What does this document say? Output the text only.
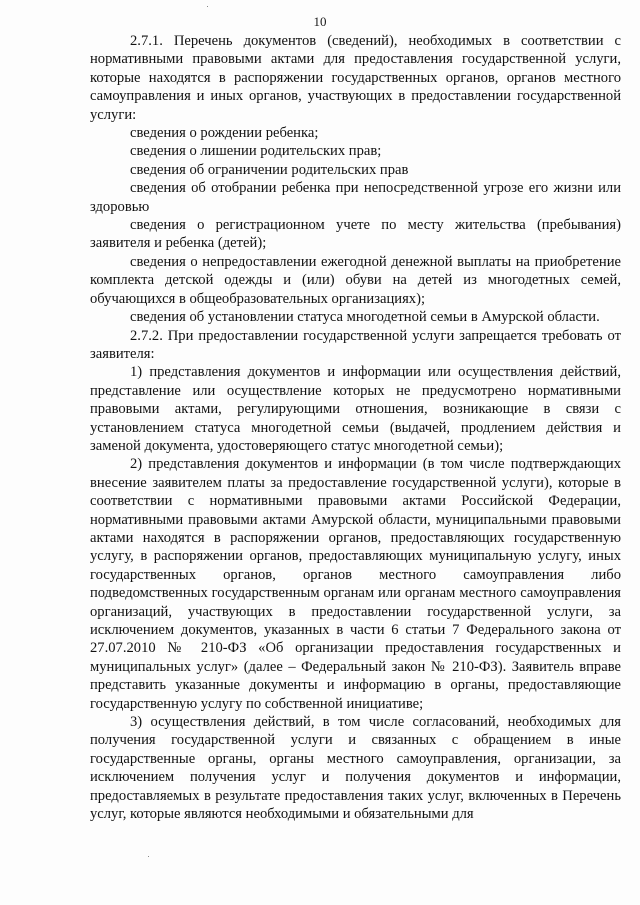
10

2.7.1. Перечень документов (сведений), необходимых в соответствии с нормативными правовыми актами для предоставления государственной услуги, которые находятся в распоряжении государственных органов, органов местного самоуправления и иных органов, участвующих в предоставлении государственной услуги:

сведения о рождении ребенка;

сведения о лишении родительских прав;

сведения об ограничении родительских прав

сведения об отобрании ребенка при непосредственной угрозе его жизни или здоровью

сведения о регистрационном учете по месту жительства (пребывания) заявителя и ребенка (детей);

сведения о непредоставлении ежегодной денежной выплаты на приобретение комплекта детской одежды и (или) обуви на детей из многодетных семей, обучающихся в общеобразовательных организациях);

сведения об установлении статуса многодетной семьи в Амурской области.

2.7.2. При предоставлении государственной услуги запрещается требовать от заявителя:

1) представления документов и информации или осуществления действий, представление или осуществление которых не предусмотрено нормативными правовыми актами, регулирующими отношения, возникающие в связи с установлением статуса многодетной семьи (выдачей, продлением действия и заменой документа, удостоверяющего статус многодетной семьи);

2) представления документов и информации (в том числе подтверждающих внесение заявителем платы за предоставление государственной услуги), которые в соответствии с нормативными правовыми актами Российской Федерации, нормативными правовыми актами Амурской области, муниципальными правовыми актами находятся в распоряжении органов, предоставляющих государственную услугу, в распоряжении органов, предоставляющих муниципальную услугу, иных государственных органов, органов местного самоуправления либо подведомственных государственным органам или органам местного самоуправления организаций, участвующих в предоставлении государственной услуги, за исключением документов, указанных в части 6 статьи 7 Федерального закона от 27.07.2010 № 210-ФЗ «Об организации предоставления государственных и муниципальных услуг» (далее – Федеральный закон № 210-ФЗ). Заявитель вправе представить указанные документы и информацию в органы, предоставляющие государственную услугу по собственной инициативе;

3) осуществления действий, в том числе согласований, необходимых для получения государственной услуги и связанных с обращением в иные государственные органы, органы местного самоуправления, организации, за исключением получения услуг и получения документов и информации, предоставляемых в результате предоставления таких услуг, включенных в Перечень услуг, которые являются необходимыми и обязательными для
